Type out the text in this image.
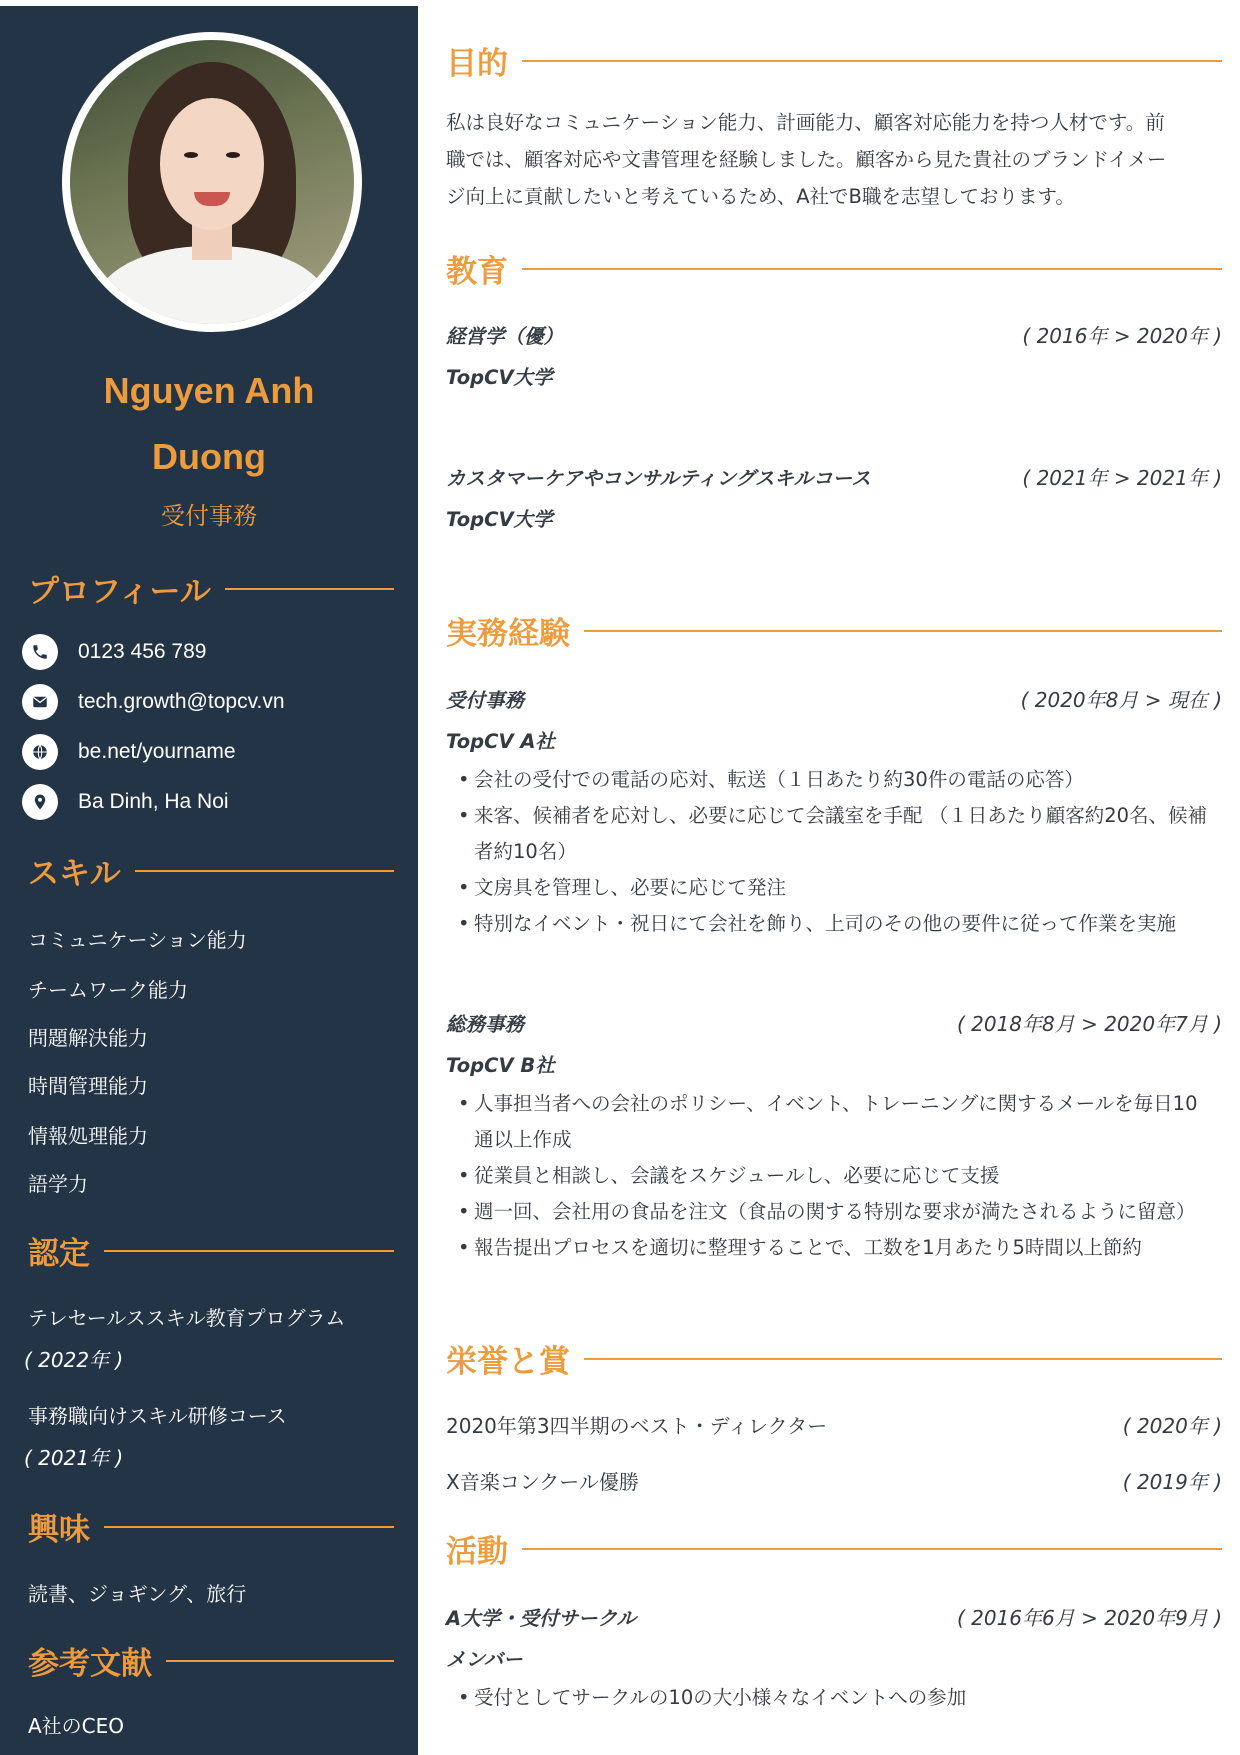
Nguyen Anh
Duong
受付事務
プロフィール
0123 456 789
tech.growth@topcv.vn
be.net/yourname
Ba Dinh, Ha Noi
スキル
コミュニケーション能力
チームワーク能力
問題解決能力
時間管理能力
情報処理能力
語学力
認定
テレセールススキル教育プログラム
( 2022年 )
事務職向けスキル研修コース
( 2021年 )
興味
読書、ジョギング、旅行
参考文献
A社のCEO
目的
私は良好なコミュニケーション能力、計画能力、顧客対応能力を持つ人材です。前
職では、顧客対応や文書管理を経験しました。顧客から見た貴社のブランドイメー
ジ向上に貢献したいと考えているため、A社でB職を志望しております。
教育
経営学（優）	( 2016年 > 2020年 )
TopCV大学
カスタマーケアやコンサルティングスキルコース	( 2021年 > 2021年 )
TopCV大学
実務経験
受付事務	( 2020年8月 > 現在 )
TopCV A社
• 会社の受付での電話の応対、転送（１日あたり約30件の電話の応答）
• 来客、候補者を応対し、必要に応じて会議室を手配 （１日あたり顧客約20名、候補者約10名）
• 文房具を管理し、必要に応じて発注
• 特別なイベント・祝日にて会社を飾り、上司のその他の要件に従って作業を実施
総務事務	( 2018年8月 > 2020年7月 )
TopCV B社
• 人事担当者への会社のポリシー、イベント、トレーニングに関するメールを毎日10通以上作成
• 従業員と相談し、会議をスケジュールし、必要に応じて支援
• 週一回、会社用の食品を注文（食品の関する特別な要求が満たされるように留意）
• 報告提出プロセスを適切に整理することで、工数を1月あたり5時間以上節約
栄誉と賞
2020年第3四半期のベスト・ディレクター	( 2020年 )
X音楽コンクール優勝	( 2019年 )
活動
A大学・受付サークル	( 2016年6月 > 2020年9月 )
メンバー
• 受付としてサークルの10の大小様々なイベントへの参加
